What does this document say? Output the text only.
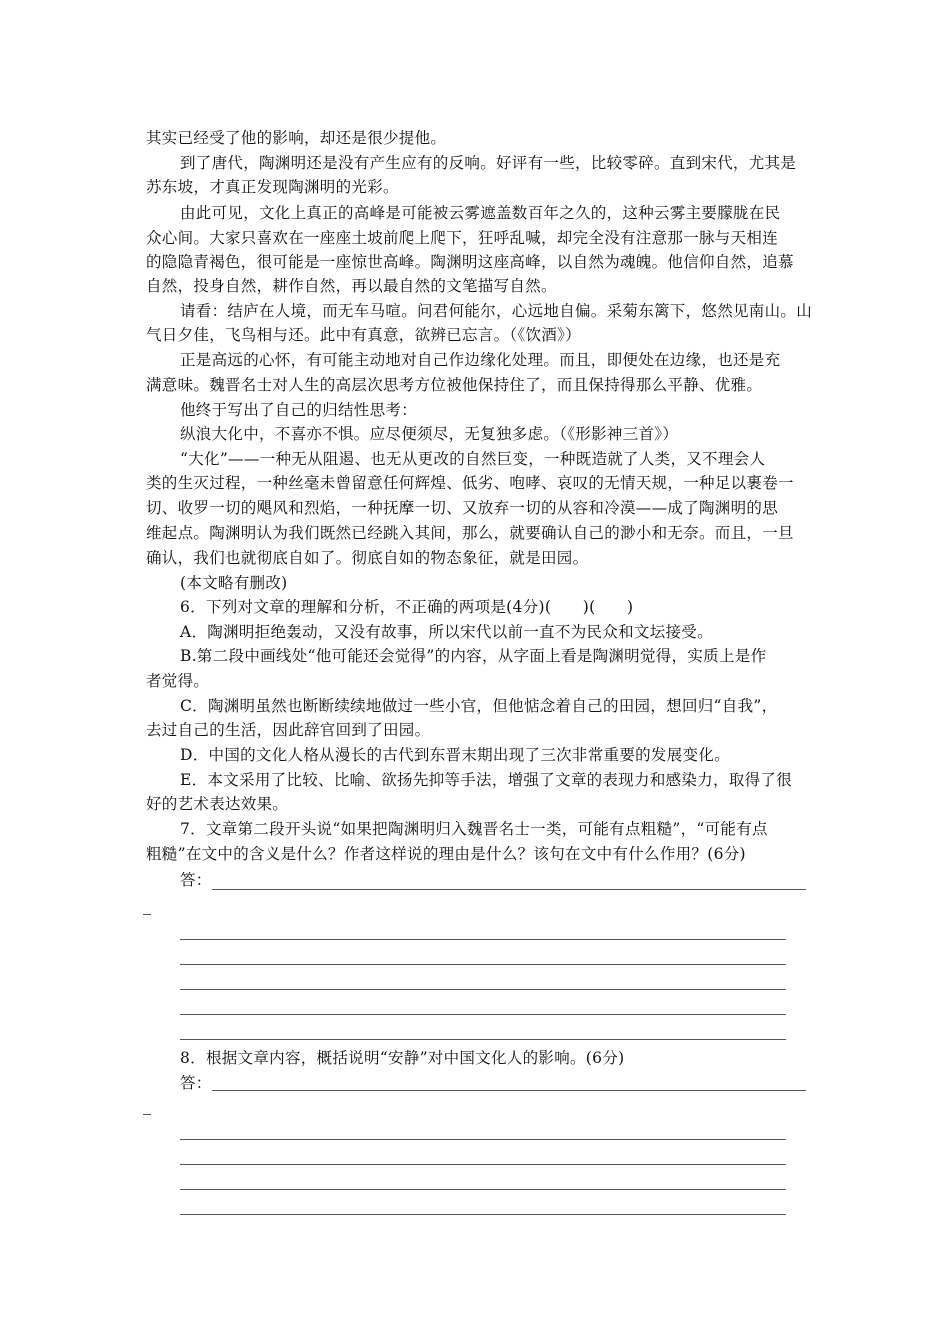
其实已经受了他的影响，却还是很少提他。
到了唐代，陶渊明还是没有产生应有的反响。好评有一些，比较零碎。直到宋代，尤其是
苏东坡，才真正发现陶渊明的光彩。
由此可见，文化上真正的高峰是可能被云雾遮盖数百年之久的，这种云雾主要朦胧在民
众心间。大家只喜欢在一座座土坡前爬上爬下，狂呼乱喊，却完全没有注意那一脉与天相连
的隐隐青褐色，很可能是一座惊世高峰。陶渊明这座高峰，以自然为魂魄。他信仰自然，追慕
自然，投身自然，耕作自然，再以最自然的文笔描写自然。
请看：结庐在人境，而无车马喧。问君何能尔，心远地自偏。采菊东篱下，悠然见南山。山
气日夕佳，飞鸟相与还。此中有真意，欲辨已忘言。（《饮酒》）
正是高远的心怀，有可能主动地对自己作边缘化处理。而且，即便处在边缘，也还是充
满意味。魏晋名士对人生的高层次思考方位被他保持住了，而且保持得那么平静、优雅。
他终于写出了自己的归结性思考：
纵浪大化中，不喜亦不惧。应尽便须尽，无复独多虑。（《形影神三首》）
“大化”——一种无从阻遏、也无从更改的自然巨变，一种既造就了人类，又不理会人
类的生灭过程，一种丝毫未曾留意任何辉煌、低劣、咆哮、哀叹的无情天规，一种足以裹卷一
切、收罗一切的飓风和烈焰，一种抚摩一切、又放弃一切的从容和冷漠——成了陶渊明的思
维起点。陶渊明认为我们既然已经跳入其间，那么，就要确认自己的渺小和无奈。而且，一旦
确认，我们也就彻底自如了。彻底自如的物态象征，就是田园。
(本文略有删改)
6．下列对文章的理解和分析，不正确的两项是(4分)(　　)(　　)
A．陶渊明拒绝轰动，又没有故事，所以宋代以前一直不为民众和文坛接受。
B.第二段中画线处“他可能还会觉得”的内容，从字面上看是陶渊明觉得，实质上是作
者觉得。
C．陶渊明虽然也断断续续地做过一些小官，但他惦念着自己的田园，想回归“自我”，
去过自己的生活，因此辞官回到了田园。
D．中国的文化人格从漫长的古代到东晋末期出现了三次非常重要的发展变化。
E．本文采用了比较、比喻、欲扬先抑等手法，增强了文章的表现力和感染力，取得了很
好的艺术表达效果。
7．文章第二段开头说“如果把陶渊明归入魏晋名士一类，可能有点粗糙”，“可能有点
粗糙”在文中的含义是什么？作者这样说的理由是什么？该句在文中有什么作用？(6分)
答：
8．根据文章内容，概括说明“安静”对中国文化人的影响。(6分)
答：
